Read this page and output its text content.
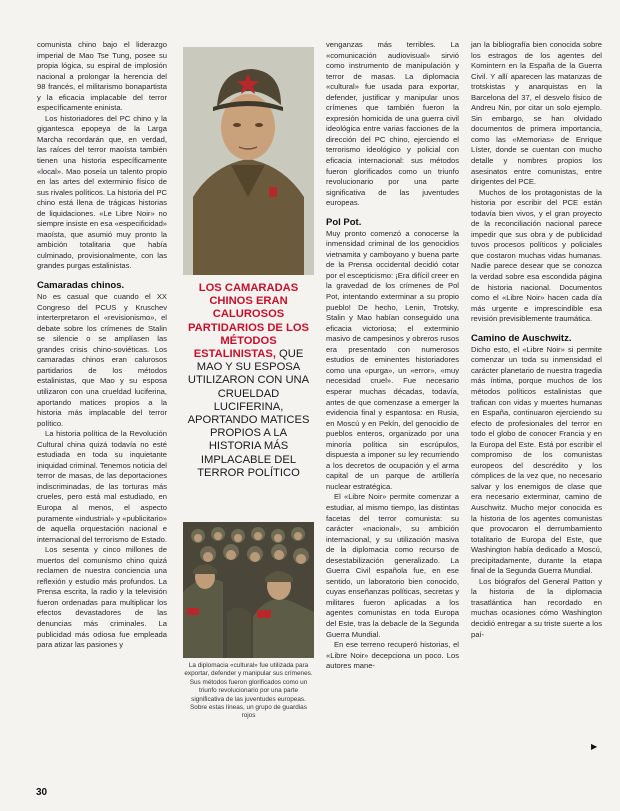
comunista chino bajo el liderazgo imperial de Mao Tse Tung, posee su propia lógica, su espiral de implosión nacional a prolongar la herencia del 98 francés, el militarismo bonapartista y la eficacia implacable del terror específicamente eninista.

Los historiadores del PC chino y la gigantesca epopeya de la Larga Marcha recordarán que, en verdad, las raíces del terror maoísta también tienen una historia específicamente «local». Mao poseía un talento propio en las artes del exterminio físico de sus rivales políticos. La historia del PC chino está llena de trágicas historias de liquidaciones. «Le Libre Noir» no siempre insiste en esa «especificidad» maoísta, que asumió muy pronto la ambición totalitaria que había culminado, provisionalmente, con las grandes purgas estalinistas.

Camaradas chinos.

No es casual que cuando el XX Congreso del PCUS y Kruschev interterpretaron el «revisionismo», el debate sobre los crímenes de Stalin se silencie o se amplíasen las grandes crisis chino-soviéticas. Los camaradas chinos eran calurosos partidarios de los métodos estalinistas, que Mao y su esposa utilizaron con una crueldad luciferina, aportando matices propios a la historia más implacable del terror político.

La historia política de la Revolución Cultural china quizá todavía no esté estudiada en toda su inquietante iniquidad criminal. Tenemos noticia del terror de masas, de las deportaciones indiscriminadas, de las torturas más crueles, pero está mal estudiado, en Europa al menos, el aspecto puramente «industrial» y «publicitario» de aquella orquestación nacional e internacional del terrorismo de Estado.

Los sesenta y cinco millones de muertos del comunismo chino quizá reclamen de nuestra conciencia una reflexión y estudio más profundos. La Prensa escrita, la radio y la televisión fueron ordenadas para multiplicar los efectos devastadores de las denuncias más criminales. La publicidad más odiosa fue empleada para atizar las pasiones y

LOS CAMARADAS CHINOS ERAN CALUROSOS PARTIDARIOS DE LOS MÉTODOS ESTALINISTAS, QUE MAO Y SU ESPOSA UTILIZARON CON UNA CRUELDAD LUCIFERINA, APORTANDO MATICES PROPIOS A LA HISTORIA MÁS IMPLACABLE DEL TERROR POLÍTICO
La diplomacia «cultural» fue utilizada para exportar, defender y manipular sus crímenes. Sus métodos fueron glorificados como un triunfo revolucionario por una parte significativa de las juventudes europeas. Sobre estas líneas, un grupo de guardias rojos

venganzas más terribles. La «comunicación audiovisual» sirvió como instrumento de manipulación y terror de masas. La diplomacia «cultural» fue usada para exportar, defender, justificar y manipular unos crímenes que también fueron la expresión homicida de una guerra civil ideológica entre varias facciones de la dirección del PC chino, ejerciendo el terrorismo ideológico y policial con eficacia internacional: sus métodos fueron glorificados como un triunfo revolucionario por una parte significativa de las juventudes europeas.

Pol Pot.

Muy pronto comenzó a conocerse la inmensidad criminal de los genocidios vietnamita y camboyano y buena parte de la Prensa occidental decidió cotar por el escepticismo: ¡Era difícil creer en la gravedad de los crímenes de Pol Pot, intentando exterminar a su propio pueblo! De hecho, Lenin, Trotsky, Stalin y Mao habían conseguido una eficacia victoriosa; el exterminio masivo de campesinos y obreros rusos era presentado con numerosos estudios de eminentes historiadores como una «purga», un «error», «muy necesidad cruel». Fue necesario esperar muchas décadas, todavía, antes de que comenzase a emerger la evidencia final y espantosa: en Rusia, en Moscú y en Pekín, del genocidio de pueblos enteros, organizado por una minoría política sin escrúpulos, dispuesta a imponer su ley recurriendo a los decretos de ocupación y el arma capital de un parque de artillería nuclear estratégica.

El «Libre Noir» permite comenzar a estudiar, al mismo tiempo, las distintas facetas del terror comunista: su carácter «nacional», su ambición internacional, y su utilización masiva de la diplomacia como recurso de desestabilización generalizado. La Guerra Civil española fue, en ese sentido, un laboratorio bien conocido, cuyas enseñanzas políticas, secretas y militares fueron aplicadas a los agentes comunistas en toda Europa del Este, tras la debacle de la Segunda Guerra Mundial.

En ese terreno recuperó historias, el «Libre Noir» decepciona un poco. Los autores mane-

jan la bibliografía bien conocida sobre los estragos de los agentes del Komintern en la España de la Guerra Civil. Y allí aparecen las matanzas de trotskistas y anarquistas en la Barcelona del 37, el desvelo físico de Andreu Nin, por citar un solo ejemplo. Sin embargo, se han olvidado documentos de primera importancia, como las «Memorias» de Enrique Líster, donde se cuentan con mucho detalle y nombres propios los asesinatos entre comunistas, entre dirigentes del PCE.

Muchos de los protagonistas de la historia por escribir del PCE están todavía bien vivos, y el gran proyecto de la reconciliación nacional parece impedir que sus obra y de publicidad tuvos procesos políticos y policiales que costaron muchas vidas humanas. Nadie parece desear que se conozca la verdad sobre esa escondida página de historia nacional. Documentos como el «Libre Noir» hacen cada día más urgente e imprescindible esa revisión previsiblemente traumática.

Camino de Auschwitz.

Dicho esto, el «Libre Noir» si permite comenzar un toda su inmensidad el carácter planetario de nuestra tragedia más íntima, porque muchos de los métodos políticos estalinistas que trafican con vidas y muertes humanas en España, continuaron ejerciendo su efecto de profesionales del terror en todo el globo de conocer Francia y en la Europa del Este. Está por escribir el compromiso de los comunistas europeos del descrédito y los cómplices de la vez que, no necesario salvar y los enemigos de clase que era necesario exterminar, camino de Auschwitz. Mucho mejor conocida es la historia de los agentes comunistas que provocaron el derrumbamiento totalitario de Europa del Este, que Washington había dedicado a Moscú, precipitadamente, durante la etapa final de la Segunda Guerra Mundial.

Los biógrafos del General Patton y la historia de la diplomacia trasatlántica han recordado en muchas ocasiones cómo Washington decidió entregar a su triste suerte a los paí-

30
▶
